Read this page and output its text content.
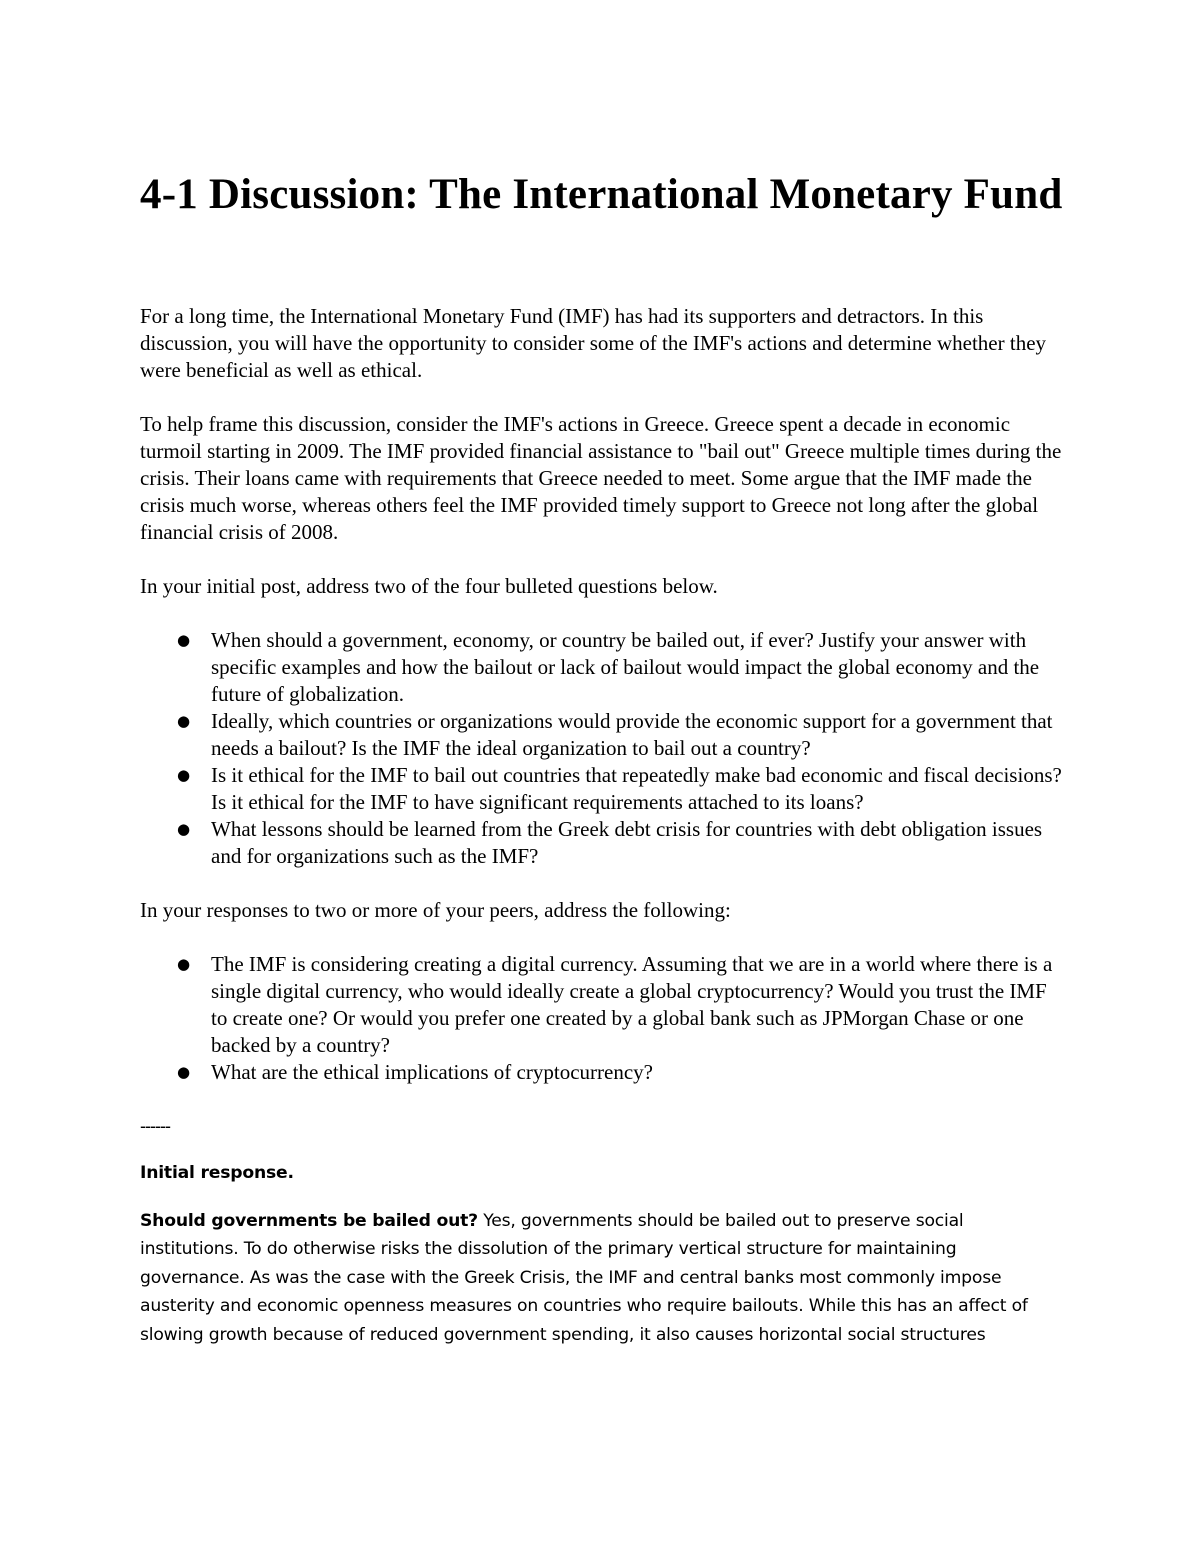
4-1 Discussion: The International Monetary Fund

For a long time, the International Monetary Fund (IMF) has had its supporters and detractors. In this discussion, you will have the opportunity to consider some of the IMF's actions and determine whether they were beneficial as well as ethical.

To help frame this discussion, consider the IMF's actions in Greece. Greece spent a decade in economic turmoil starting in 2009. The IMF provided financial assistance to "bail out" Greece multiple times during the crisis. Their loans came with requirements that Greece needed to meet. Some argue that the IMF made the crisis much worse, whereas others feel the IMF provided timely support to Greece not long after the global financial crisis of 2008.

In your initial post, address two of the four bulleted questions below.

● When should a government, economy, or country be bailed out, if ever? Justify your answer with specific examples and how the bailout or lack of bailout would impact the global economy and the future of globalization.
● Ideally, which countries or organizations would provide the economic support for a government that needs a bailout? Is the IMF the ideal organization to bail out a country?
● Is it ethical for the IMF to bail out countries that repeatedly make bad economic and fiscal decisions? Is it ethical for the IMF to have significant requirements attached to its loans?
● What lessons should be learned from the Greek debt crisis for countries with debt obligation issues and for organizations such as the IMF?

In your responses to two or more of your peers, address the following:

● The IMF is considering creating a digital currency. Assuming that we are in a world where there is a single digital currency, who would ideally create a global cryptocurrency? Would you trust the IMF to create one? Or would you prefer one created by a global bank such as JPMorgan Chase or one backed by a country?
● What are the ethical implications of cryptocurrency?

------

Initial response.

Should governments be bailed out? Yes, governments should be bailed out to preserve social institutions. To do otherwise risks the dissolution of the primary vertical structure for maintaining governance. As was the case with the Greek Crisis, the IMF and central banks most commonly impose austerity and economic openness measures on countries who require bailouts. While this has an affect of slowing growth because of reduced government spending, it also causes horizontal social structures
